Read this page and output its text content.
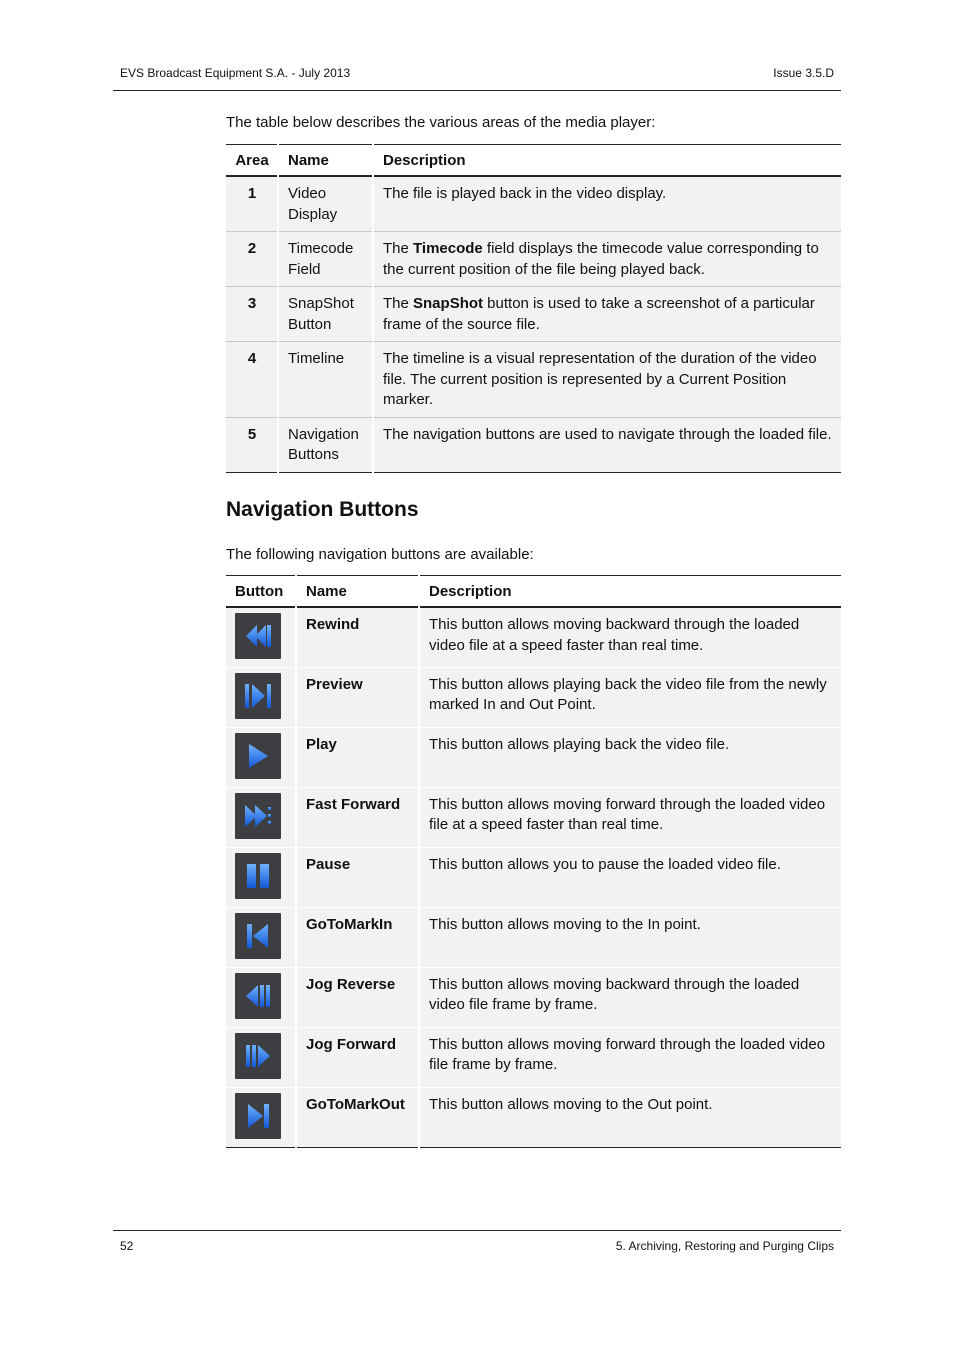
EVS Broadcast Equipment S.A. - July 2013	Issue 3.5.D

The table below describes the various areas of the media player:

Area	Name	Description
1	Video Display	The file is played back in the video display.
2	Timecode Field	The Timecode field displays the timecode value corresponding to the current position of the file being played back.
3	SnapShot Button	The SnapShot button is used to take a screenshot of a particular frame of the source file.
4	Timeline	The timeline is a visual representation of the duration of the video file. The current position is represented by a Current Position marker.
5	Navigation Buttons	The navigation buttons are used to navigate through the loaded file.
Navigation Buttons

The following navigation buttons are available:

Button	Name	Description

	Rewind	This button allows moving backward through the loaded video file at a speed faster than real time.

	Preview	This button allows playing back the video file from the newly marked In and Out Point.

	Play	This button allows playing back the video file.

	Fast Forward	This button allows moving forward through the loaded video file at a speed faster than real time.

	Pause	This button allows you to pause the loaded video file.

	GoToMarkIn	This button allows moving to the In point.

	Jog Reverse	This button allows moving backward through the loaded video file frame by frame.

	Jog Forward	This button allows moving forward through the loaded video file frame by frame.

	GoToMarkOut	This button allows moving to the Out point.
52	5. Archiving, Restoring and Purging Clips
